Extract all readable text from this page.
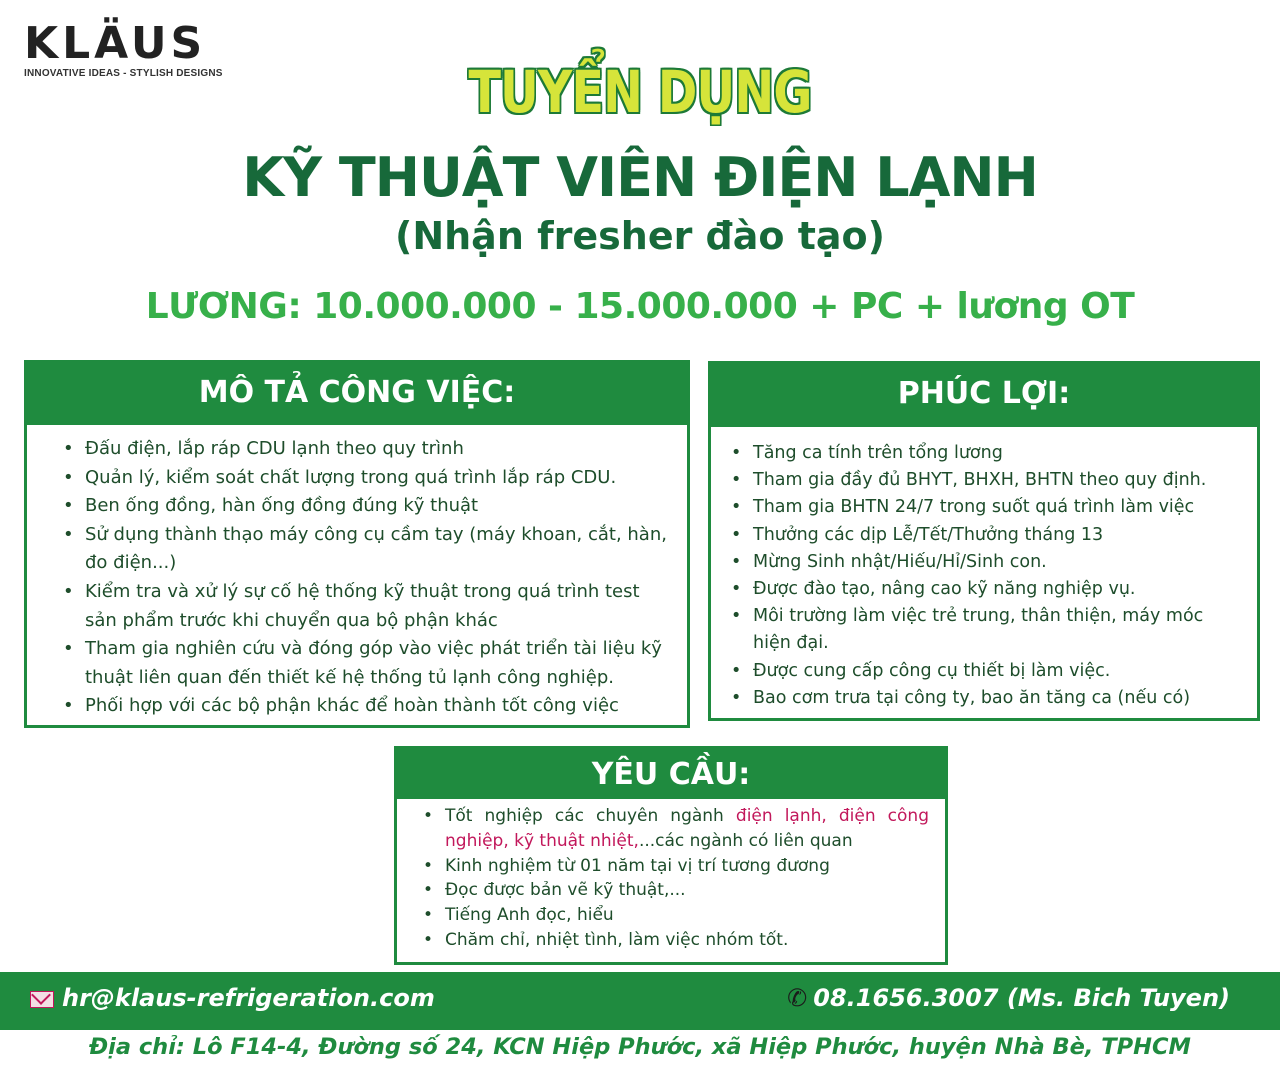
KLÄUS
INNOVATIVE IDEAS - STYLISH DESIGNS	TUYỂN DỤNG
KỸ THUẬT VIÊN ĐIỆN LẠNH
(Nhận fresher đào tạo)
LƯƠNG: 10.000.000 - 15.000.000 + PC + lương OT
MÔ TẢ CÔNG VIỆC:
• Đấu điện, lắp ráp CDU lạnh theo quy trình
• Quản lý, kiểm soát chất lượng trong quá trình lắp ráp CDU.
• Ben ống đồng, hàn ống đồng đúng kỹ thuật
• Sử dụng thành thạo máy công cụ cầm tay (máy khoan, cắt, hàn, đo điện...)
• Kiểm tra và xử lý sự cố hệ thống kỹ thuật trong quá trình test sản phẩm trước khi chuyển qua bộ phận khác
• Tham gia nghiên cứu và đóng góp vào việc phát triển tài liệu kỹ thuật liên quan đến thiết kế hệ thống tủ lạnh công nghiệp.
• Phối hợp với các bộ phận khác để hoàn thành tốt công việc
PHÚC LỢI:
• Tăng ca tính trên tổng lương
• Tham gia đầy đủ BHYT, BHXH, BHTN theo quy định.
• Tham gia BHTN 24/7 trong suốt quá trình làm việc
• Thưởng các dịp Lễ/Tết/Thưởng tháng 13
• Mừng Sinh nhật/Hiếu/Hỉ/Sinh con.
• Được đào tạo, nâng cao kỹ năng nghiệp vụ.
• Môi trường làm việc trẻ trung, thân thiện, máy móc hiện đại.
• Được cung cấp công cụ thiết bị làm việc.
• Bao cơm trưa tại công ty, bao ăn tăng ca (nếu có)
YÊU CẦU:
• Tốt nghiệp các chuyên ngành điện lạnh, điện công nghiệp, kỹ thuật nhiệt,...các ngành có liên quan
• Kinh nghiệm từ 01 năm tại vị trí tương đương
• Đọc được bản vẽ kỹ thuật,...
• Tiếng Anh đọc, hiểu
• Chăm chỉ, nhiệt tình, làm việc nhóm tốt.
hr@klaus-refrigeration.com	✆ 08.1656.3007 (Ms. Bich Tuyen)
Địa chỉ: Lô F14-4, Đường số 24, KCN Hiệp Phước, xã Hiệp Phước, huyện Nhà Bè, TPHCM
